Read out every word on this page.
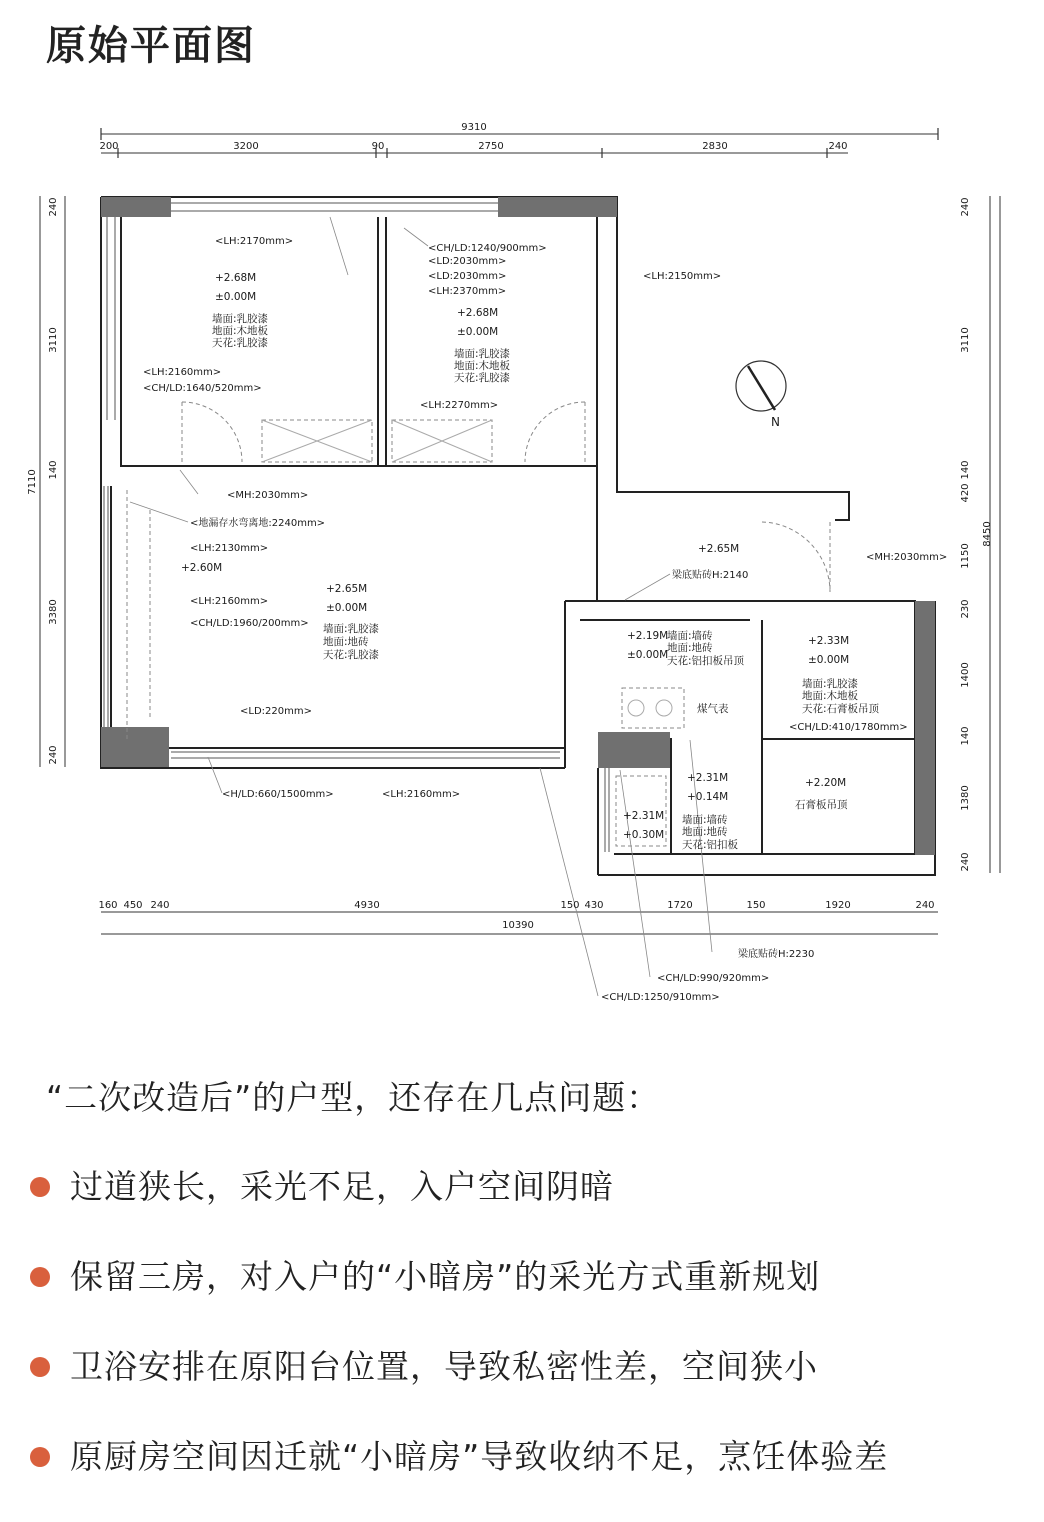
原始平面图
N
9310
200	3200	90	2750	2830	240
160 450 240	4930	150 430	1720	150	1920	240
10390
7110
240
3110
140
3380
240
8450
240
3110
140
420
1150
230
1400
140
1380
240
<LH:2170mm>
<CH/LD:1240/900mm>
<LD:2030mm>
<LD:2030mm>
<LH:2370mm>
<LH:2150mm>
<LH:2160mm>
<CH/LD:1640/520mm>
<LH:2270mm>
<MH:2030mm>
<地漏存水弯离地:2240mm>
<LH:2130mm>
<LH:2160mm>
<CH/LD:1960/200mm>
<MH:2030mm>
梁底贴砖H:2140
<CH/LD:410/1780mm>
<LD:220mm>
<H/LD:660/1500mm>	<LH:2160mm>
梁底贴砖H:2230
<CH/LD:990/920mm>
<CH/LD:1250/910mm>
+2.68M
±0.00M
墙面:乳胶漆
地面:木地板
天花:乳胶漆
+2.68M
±0.00M
墙面:乳胶漆
地面:木地板
天花:乳胶漆
+2.60M
+2.65M
±0.00M
墙面:乳胶漆
地面:地砖
天花:乳胶漆
+2.65M
+2.19M
±0.00M
墙面:墙砖
地面:地砖
天花:铝扣板吊顶
煤气表
+2.33M
±0.00M
墙面:乳胶漆
地面:木地板
天花:石膏板吊顶
+2.31M
+0.14M
墙面:墙砖
地面:地砖
天花:铝扣板
+2.31M
+0.30M
+2.20M
石膏板吊顶
“二次改造后”的户型，还存在几点问题：
过道狭长，采光不足，入户空间阴暗
保留三房，对入户的“小暗房”的采光方式重新规划
卫浴安排在原阳台位置，导致私密性差，空间狭小
原厨房空间因迁就“小暗房”导致收纳不足，烹饪体验差
